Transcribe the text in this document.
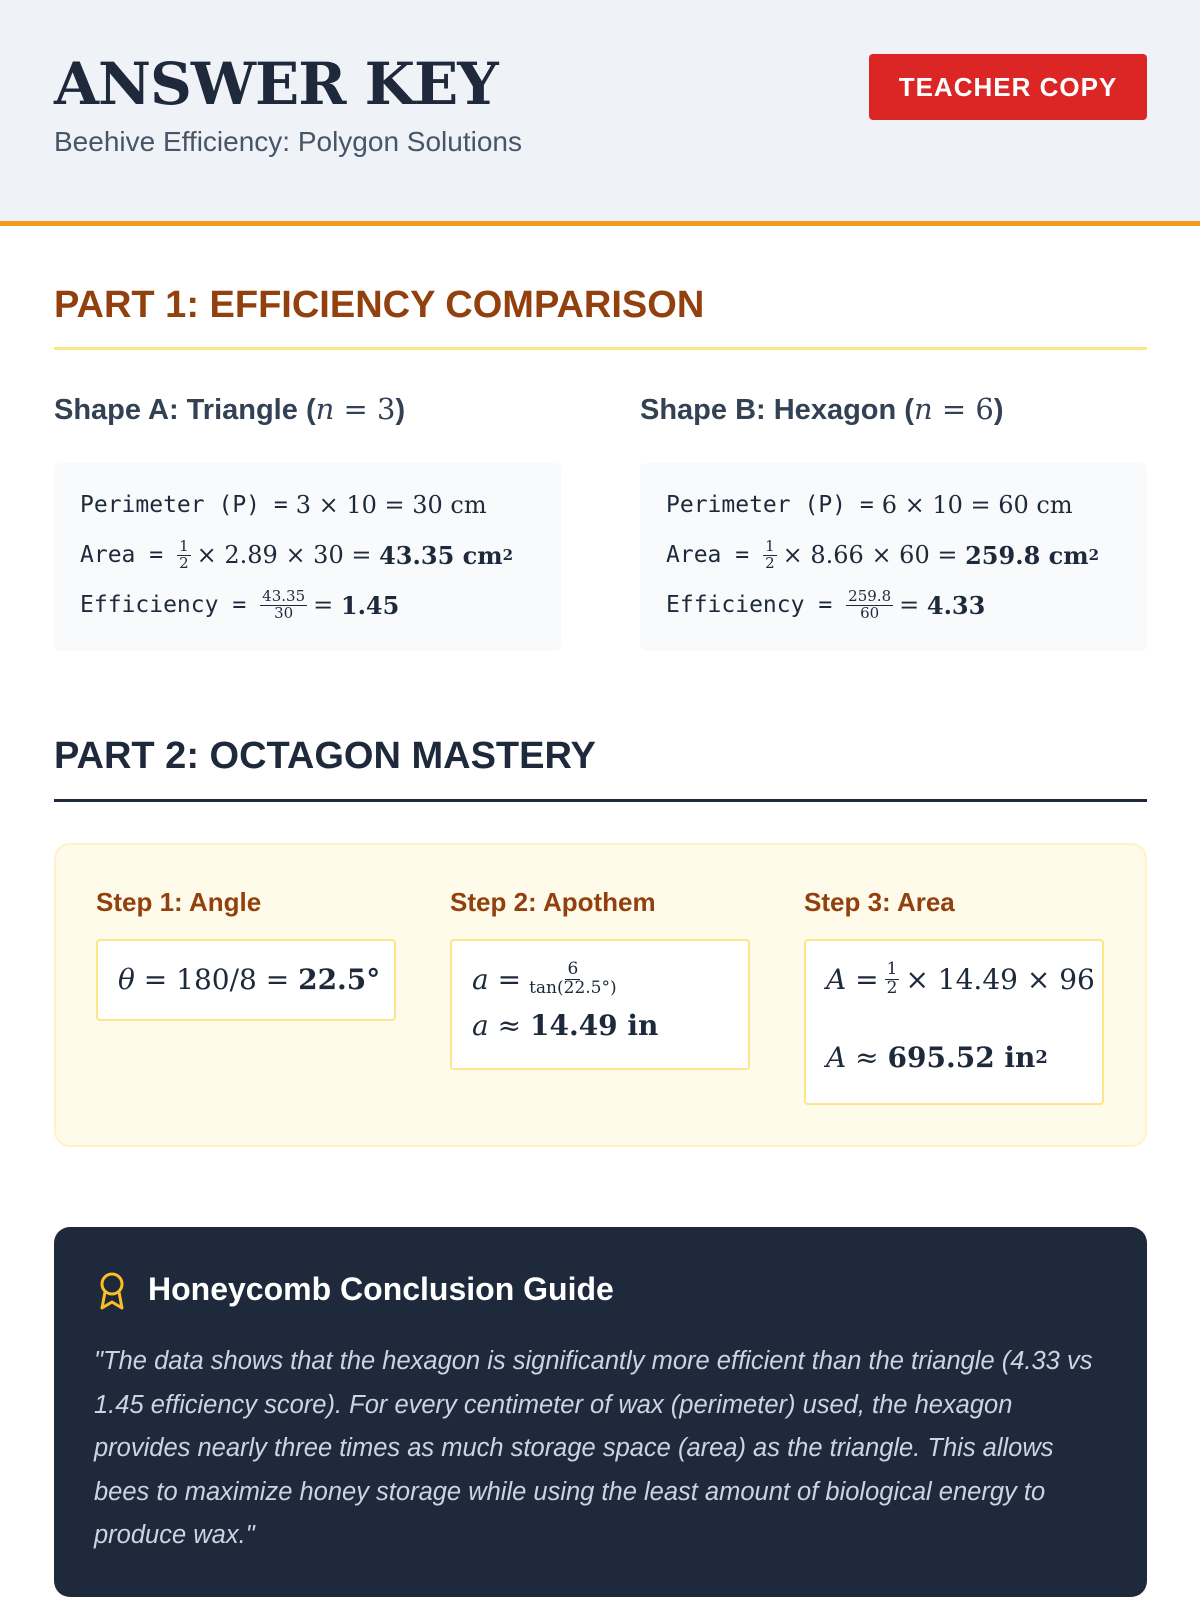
ANSWER KEY
Beehive Efficiency: Polygon Solutions
TEACHER COPY
PART 1: EFFICIENCY COMPARISON
Shape A: Triangle (n = 3)
Perimeter (P) = 3 × 10 = 30 cm
Area = $\frac{1}{2} \times 2.89 \times 30$ =
43.35 cm 2
Efficiency = $\frac{43.35}{30} = 1.45$
Shape B: Hexagon (n = 6)
Perimeter (P) = 6 × 10 = 60 cm
Area = $\frac{1}{2} \times 8.66 \times 60$ =
259.8 cm 2
Efficiency = $\frac{259.8}{60} = 4.33$
PART 2: OCTAGON MASTERY
Step 1: Angle
θ
= 180/8 =
22.5°
Step 2: Apothem
a
= $\frac{6}{\tan(22.5^\circ)}$
a
≈
14.49 in
Step 3: Area
A
= $\frac{1}{2} \times 14.49 \times 96$
A
≈
695.52 in 2
Honeycomb Conclusion Guide
"The data shows that the hexagon is significantly more efficient than the triangle (4.33 vs 1.45 efficiency score). For every centimeter of wax (perimeter) used, the hexagon provides nearly three times as much storage space (area) as the triangle. This allows bees to maximize honey storage while using the least amount of biological energy to produce wax."
